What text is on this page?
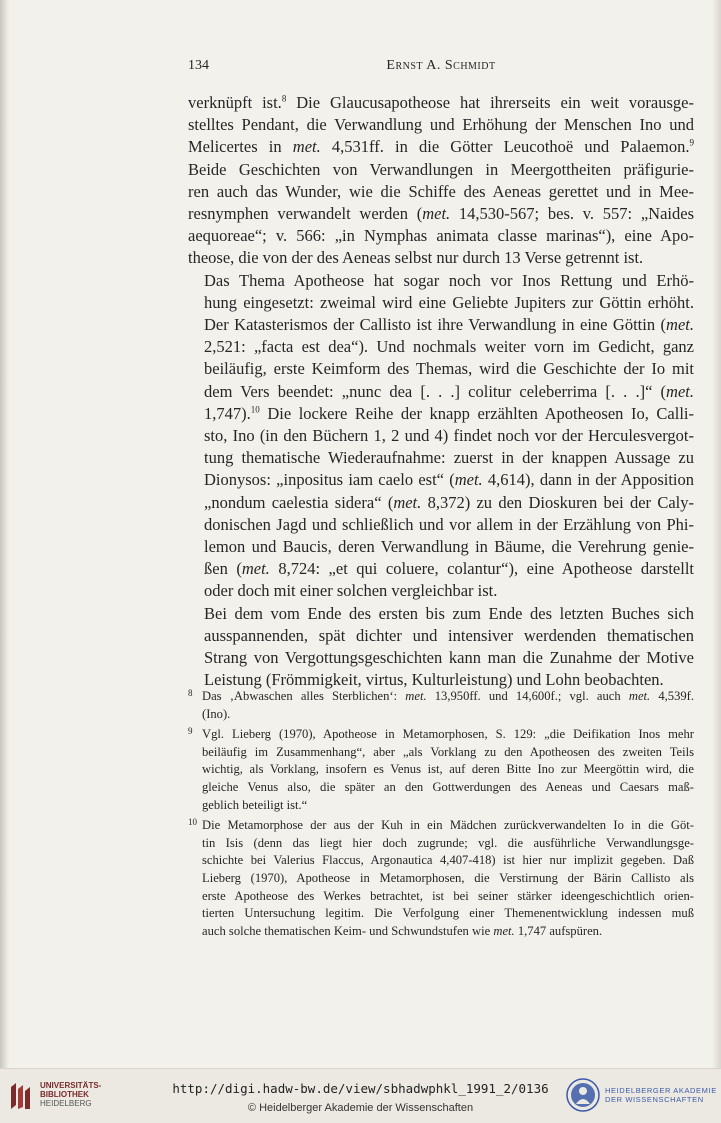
134	Ernst A. Schmidt

verknüpft ist.$^8$ Die Glaucusapotheose hat ihrerseits ein weit vorausge-
stelltes Pendant, die Verwandlung und Erhöhung der Menschen Ino und
Melicertes in met. 4,531ff. in die Götter Leucothoë und Palaemon.$^9$
Beide Geschichten von Verwandlungen in Meergottheiten präfigurie-
ren auch das Wunder, wie die Schiffe des Aeneas gerettet und in Mee-
resnymphen verwandelt werden (met. 14,530-567; bes. v. 557: „Naides
aequoreae“; v. 566: „in Nymphas animata classe marinas“), eine Apo-
theose, die von der des Aeneas selbst nur durch 13 Verse getrennt ist.

Das Thema Apotheose hat sogar noch vor Inos Rettung und Erhö-
hung eingesetzt: zweimal wird eine Geliebte Jupiters zur Göttin erhöht.
Der Katasterismos der Callisto ist ihre Verwandlung in eine Göttin (met.
2,521: „facta est dea“). Und nochmals weiter vorn im Gedicht, ganz
beiläufig, erste Keimform des Themas, wird die Geschichte der Io mit
dem Vers beendet: „nunc dea [. . .] colitur celeberrima [. . .]“ (met.
1,747).$^{10}$ Die lockere Reihe der knapp erzählten Apotheosen Io, Calli-
sto, Ino (in den Büchern 1, 2 und 4) findet noch vor der Herculesvergot-
tung thematische Wiederaufnahme: zuerst in der knappen Aussage zu
Dionysos: „inpositus iam caelo est“ (met. 4,614), dann in der Apposition
„nondum caelestia sidera“ (met. 8,372) zu den Dioskuren bei der Caly-
donischen Jagd und schließlich und vor allem in der Erzählung von Phi-
lemon und Baucis, deren Verwandlung in Bäume, die Verehrung genie-
ßen (met. 8,724: „et qui coluere, colantur“), eine Apotheose darstellt
oder doch mit einer solchen vergleichbar ist.

Bei dem vom Ende des ersten bis zum Ende des letzten Buches sich
ausspannenden, spät dichter und intensiver werdenden thematischen
Strang von Vergottungsgeschichten kann man die Zunahme der Motive
Leistung (Frömmigkeit, virtus, Kulturleistung) und Lohn beobachten.

8 Das ‚Abwaschen alles Sterblichen‘: met. 13,950ff. und 14,600f.; vgl. auch met. 4,539f.
(Ino).
9 Vgl. Lieberg (1970), Apotheose in Metamorphosen, S. 129: „die Deifikation Inos mehr
beiläufig im Zusammenhang“, aber „als Vorklang zu den Apotheosen des zweiten Teils
wichtig, als Vorklang, insofern es Venus ist, auf deren Bitte Ino zur Meergöttin wird, die
gleiche Venus also, die später an den Gottwerdungen des Aeneas und Caesars maß-
geblich beteiligt ist.“
10 Die Metamorphose der aus der Kuh in ein Mädchen zurückverwandelten Io in die Göt-
tin Isis (denn das liegt hier doch zugrunde; vgl. die ausführliche Verwandlungsge-
schichte bei Valerius Flaccus, Argonautica 4,407-418) ist hier nur implizit gegeben. Daß
Lieberg (1970), Apotheose in Metamorphosen, die Verstirnung der Bärin Callisto als
erste Apotheose des Werkes betrachtet, ist bei seiner stärker ideengeschichtlich orien-
tierten Untersuchung legitim. Die Verfolgung einer Themenentwicklung indessen muß
auch solche thematischen Keim- und Schwundstufen wie met. 1,747 aufspüren.
UNIVERSITÄTS-
BIBLIOTHEK
HEIDELBERG
http://digi.hadw-bw.de/view/sbhadwphkl_1991_2/0136
© Heidelberger Akademie der Wissenschaften
HEIDELBERGER AKADEMIE
DER WISSENSCHAFTEN
